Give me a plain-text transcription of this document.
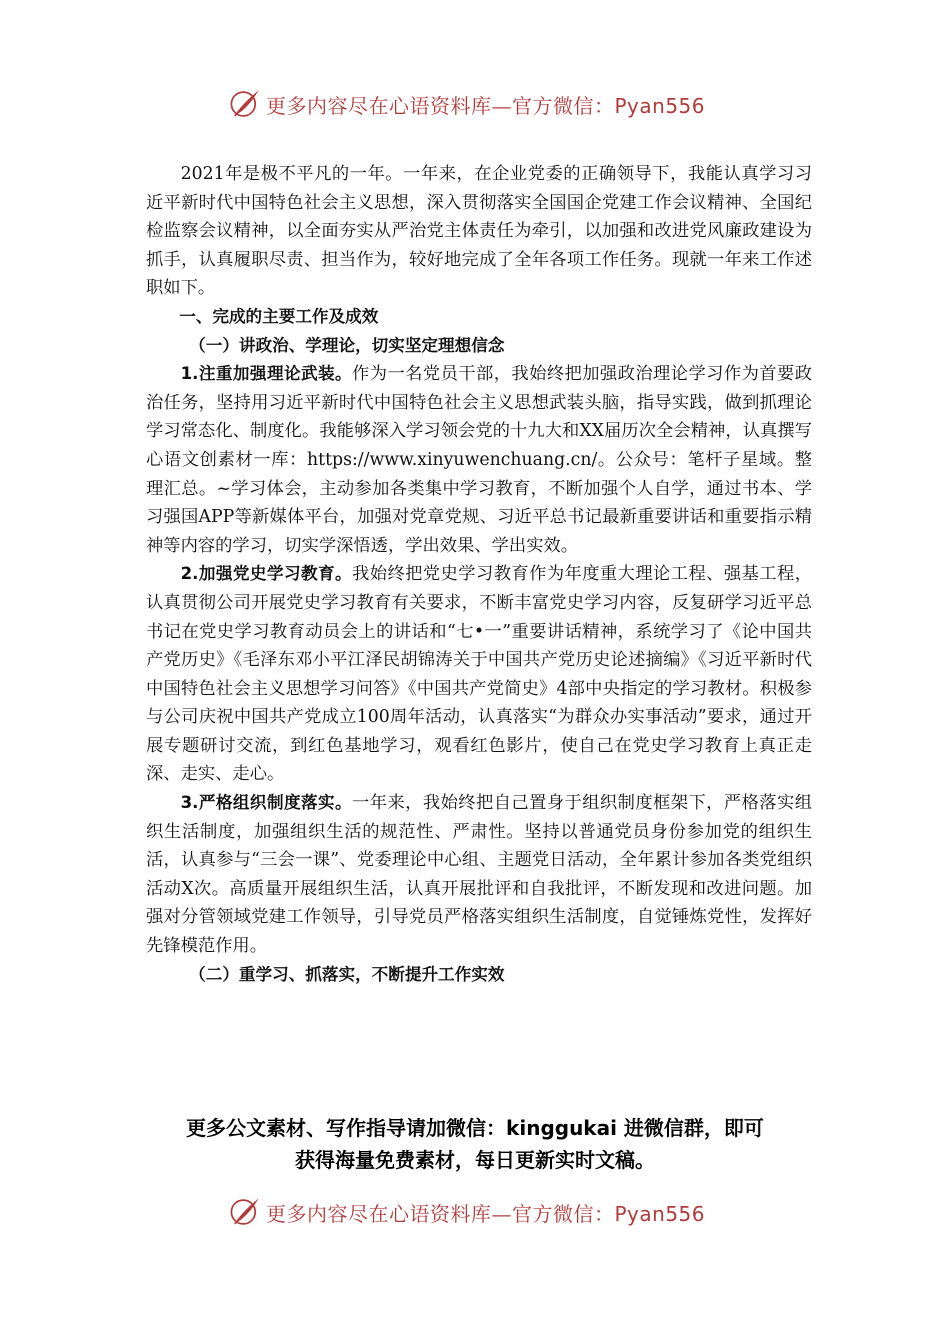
更多内容尽在心语资料库—官方微信：Pyan556

2021年是极不平凡的一年。一年来，在企业党委的正确领导下，我能认真学习习近平新时代中国特色社会主义思想，深入贯彻落实全国国企党建工作会议精神、全国纪检监察会议精神，以全面夯实从严治党主体责任为牵引，以加强和改进党风廉政建设为抓手，认真履职尽责、担当作为，较好地完成了全年各项工作任务。现就一年来工作述职如下。

一、完成的主要工作及成效

（一）讲政治、学理论，切实坚定理想信念

1.注重加强理论武装。作为一名党员干部，我始终把加强政治理论学习作为首要政治任务，坚持用习近平新时代中国特色社会主义思想武装头脑，指导实践，做到抓理论学习常态化、制度化。我能够深入学习领会党的十九大和XX届历次全会精神，认真撰写心语文创素材一库：https://www.xinyuwenchuang.cn/。公众号：笔杆子星域。整理汇总。~学习体会，主动参加各类集中学习教育，不断加强个人自学，通过书本、学习强国APP等新媒体平台，加强对党章党规、习近平总书记最新重要讲话和重要指示精神等内容的学习，切实学深悟透，学出效果、学出实效。

2.加强党史学习教育。我始终把党史学习教育作为年度重大理论工程、强基工程，认真贯彻公司开展党史学习教育有关要求，不断丰富党史学习内容，反复研学习近平总书记在党史学习教育动员会上的讲话和“七•一”重要讲话精神，系统学习了《论中国共产党历史》《毛泽东邓小平江泽民胡锦涛关于中国共产党历史论述摘编》《习近平新时代中国特色社会主义思想学习问答》《中国共产党简史》4部中央指定的学习教材。积极参与公司庆祝中国共产党成立100周年活动，认真落实“为群众办实事活动”要求，通过开展专题研讨交流，到红色基地学习，观看红色影片，使自己在党史学习教育上真正走深、走实、走心。

3.严格组织制度落实。一年来，我始终把自己置身于组织制度框架下，严格落实组织生活制度，加强组织生活的规范性、严肃性。坚持以普通党员身份参加党的组织生活，认真参与“三会一课”、党委理论中心组、主题党日活动，全年累计参加各类党组织活动X次。高质量开展组织生活，认真开展批评和自我批评，不断发现和改进问题。加强对分管领域党建工作领导，引导党员严格落实组织生活制度，自觉锤炼党性，发挥好先锋模范作用。

（二）重学习、抓落实，不断提升工作实效

更多公文素材、写作指导请加微信：kinggukai 进微信群，即可
获得海量免费素材，每日更新实时文稿。
更多内容尽在心语资料库—官方微信：Pyan556
